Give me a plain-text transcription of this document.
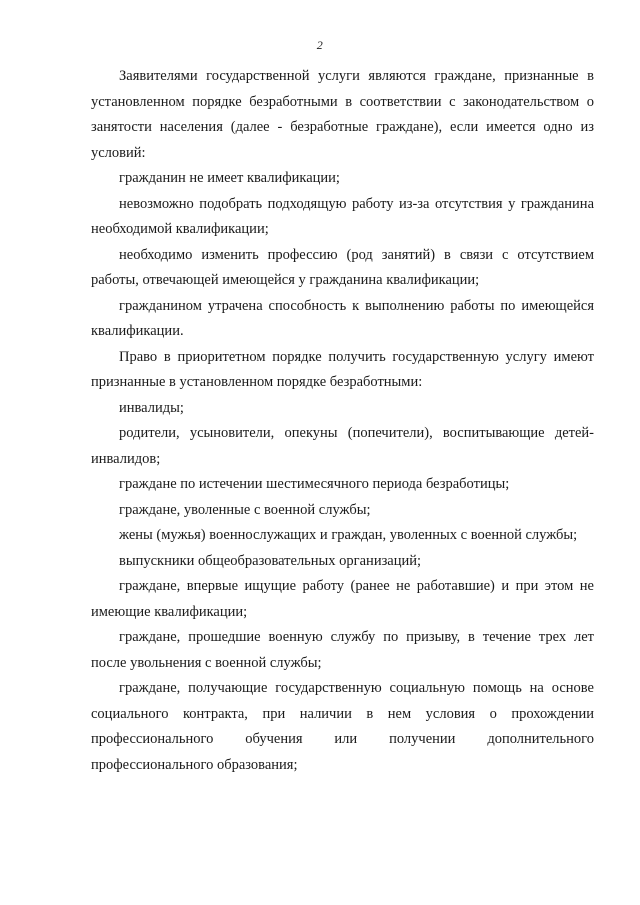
2

Заявителями государственной услуги являются граждане, признанные в установленном порядке безработными в соответствии с законодательством о занятости населения (далее - безработные граждане), если имеется одно из условий:

гражданин не имеет квалификации;

невозможно подобрать подходящую работу из-за отсутствия у гражданина необходимой квалификации;

необходимо изменить профессию (род занятий) в связи с отсутствием работы, отвечающей имеющейся у гражданина квалификации;

гражданином утрачена способность к выполнению работы по имеющейся квалификации.

Право в приоритетном порядке получить государственную услугу имеют признанные в установленном порядке безработными:

инвалиды;

родители, усыновители, опекуны (попечители), воспитывающие детей-инвалидов;

граждане по истечении шестимесячного периода безработицы;

граждане, уволенные с военной службы;

жены (мужья) военнослужащих и граждан, уволенных с военной службы;

выпускники общеобразовательных организаций;

граждане, впервые ищущие работу (ранее не работавшие) и при этом не имеющие квалификации;

граждане, прошедшие военную службу по призыву, в течение трех лет после увольнения с военной службы;

граждане, получающие государственную социальную помощь на основе социального контракта, при наличии в нем условия о прохождении профессионального обучения или получении дополнительного профессионального образования;
